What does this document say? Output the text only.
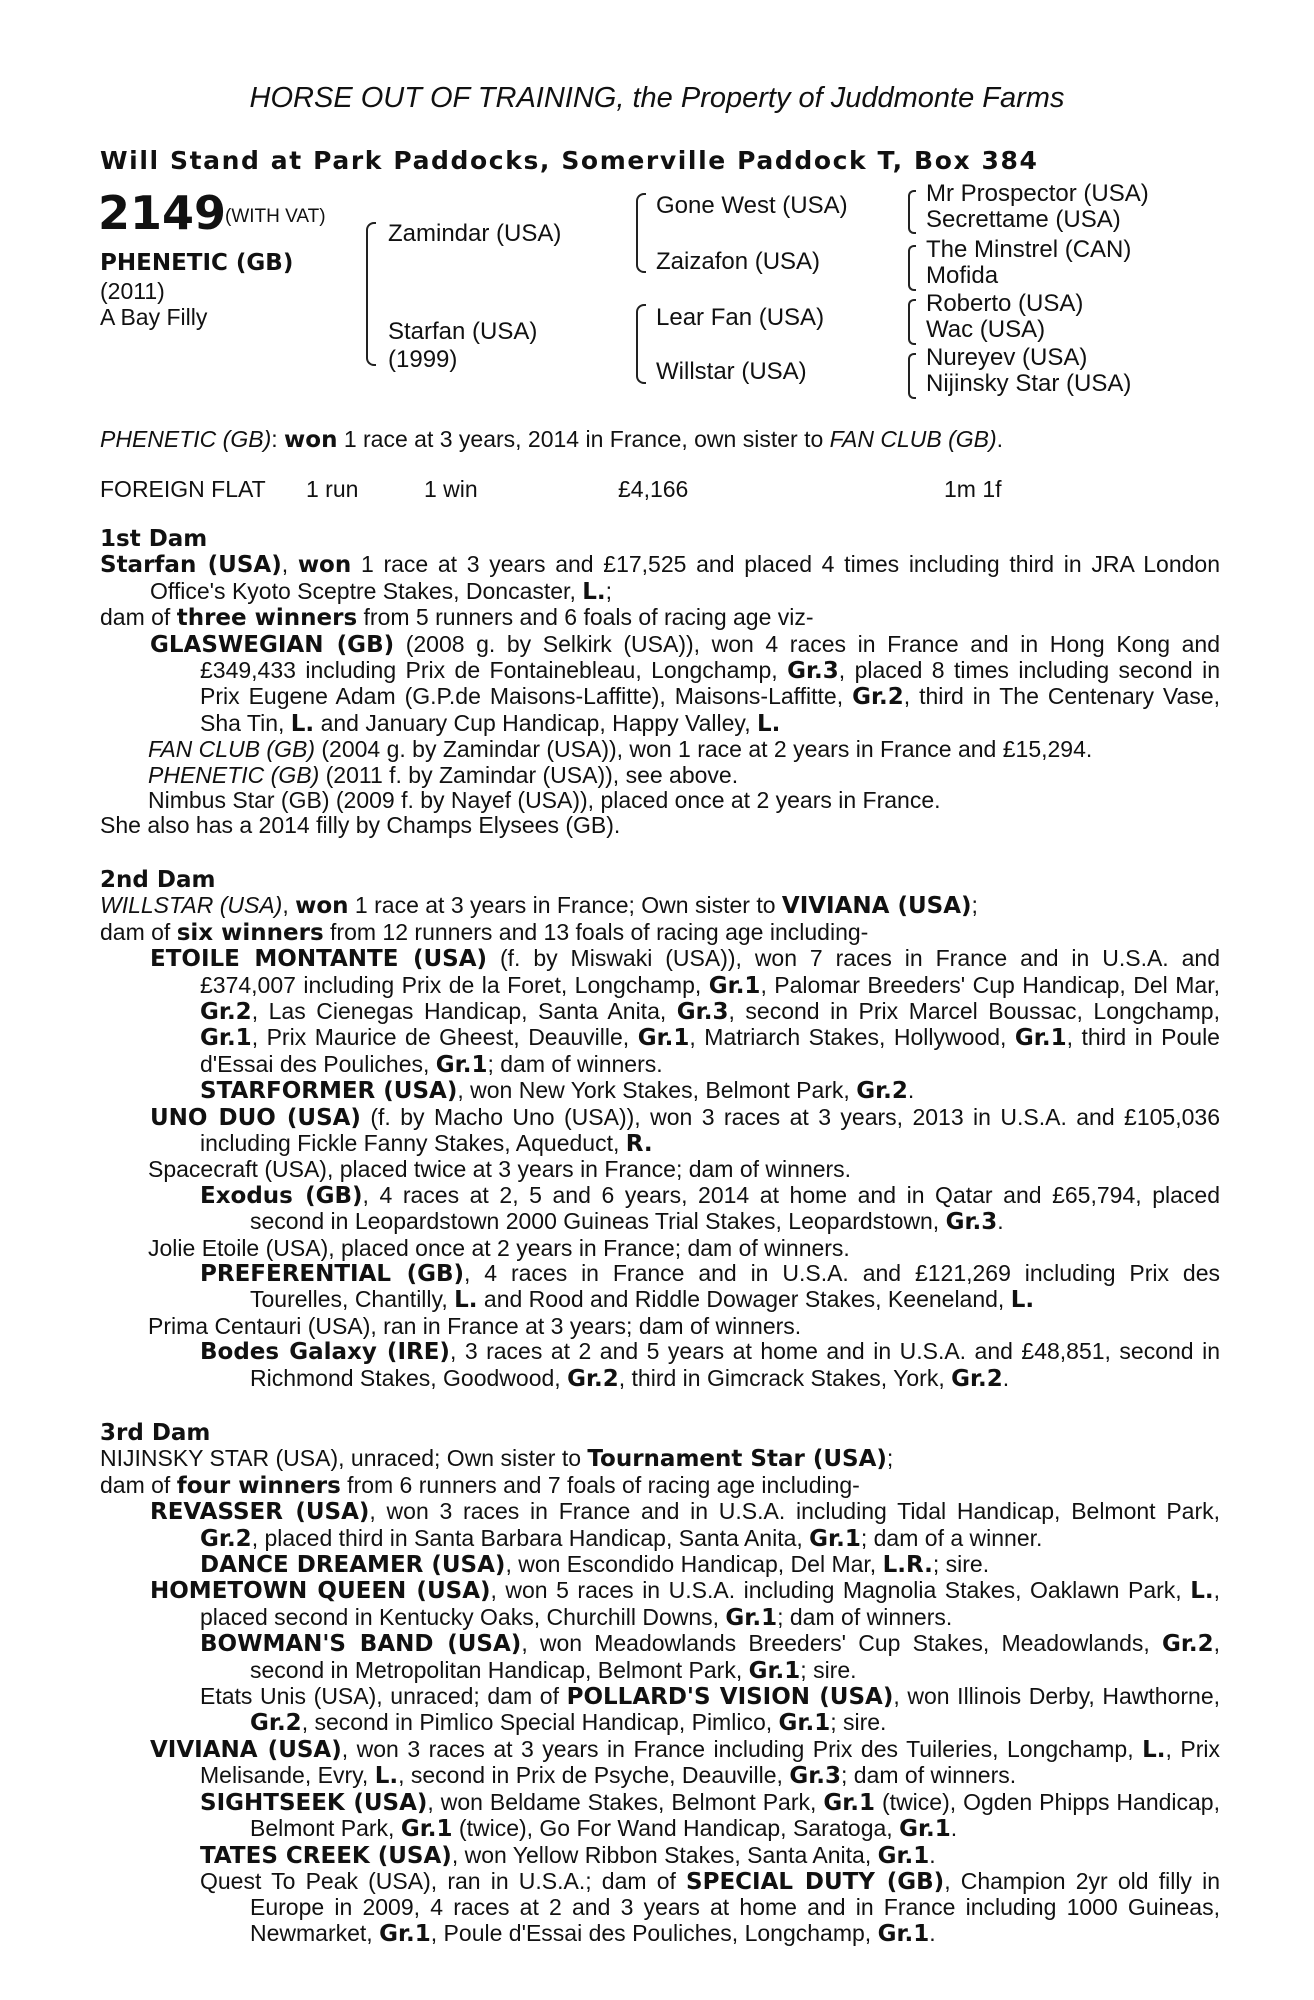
HORSE OUT OF TRAINING, the Property of Juddmonte Farms
Will Stand at Park Paddocks, Somerville Paddock T, Box 384
2149
(WITH VAT)
PHENETIC (GB)
(2011)
A Bay Filly
Zamindar (USA)
Starfan (USA)
(1999)
Gone West (USA)
Zaizafon (USA)
Lear Fan (USA)
Willstar (USA)
Mr Prospector (USA)
Secrettame (USA)
The Minstrel (CAN)
Mofida
Roberto (USA)
Wac (USA)
Nureyev (USA)
Nijinsky Star (USA)
PHENETIC (GB): won 1 race at 3 years, 2014 in France, own sister to FAN CLUB (GB).
FOREIGN FLAT 1 run	1 win	£4,166	1m 1f

1st Dam

Starfan (USA), won 1 race at 3 years and £17,525 and placed 4 times including third in JRA London Office's Kyoto Sceptre Stakes, Doncaster, L.;

dam of three winners from 5 runners and 6 foals of racing age viz-

GLASWEGIAN (GB) (2008 g. by Selkirk (USA)), won 4 races in France and in Hong Kong and £349,433 including Prix de Fontainebleau, Longchamp, Gr.3, placed 8 times including second in Prix Eugene Adam (G.P.de Maisons-Laffitte), Maisons-Laffitte, Gr.2, third in The Centenary Vase, Sha Tin, L. and January Cup Handicap, Happy Valley, L.

FAN CLUB (GB) (2004 g. by Zamindar (USA)), won 1 race at 2 years in France and £15,294.

PHENETIC (GB) (2011 f. by Zamindar (USA)), see above.

Nimbus Star (GB) (2009 f. by Nayef (USA)), placed once at 2 years in France.

She also has a 2014 filly by Champs Elysees (GB).

2nd Dam

WILLSTAR (USA), won 1 race at 3 years in France; Own sister to VIVIANA (USA);

dam of six winners from 12 runners and 13 foals of racing age including-

ETOILE MONTANTE (USA) (f. by Miswaki (USA)), won 7 races in France and in U.S.A. and £374,007 including Prix de la Foret, Longchamp, Gr.1, Palomar Breeders' Cup Handicap, Del Mar, Gr.2, Las Cienegas Handicap, Santa Anita, Gr.3, second in Prix Marcel Boussac, Longchamp, Gr.1, Prix Maurice de Gheest, Deauville, Gr.1, Matriarch Stakes, Hollywood, Gr.1, third in Poule d'Essai des Pouliches, Gr.1; dam of winners.

STARFORMER (USA), won New York Stakes, Belmont Park, Gr.2.

UNO DUO (USA) (f. by Macho Uno (USA)), won 3 races at 3 years, 2013 in U.S.A. and £105,036 including Fickle Fanny Stakes, Aqueduct, R.

Spacecraft (USA), placed twice at 3 years in France; dam of winners.

Exodus (GB), 4 races at 2, 5 and 6 years, 2014 at home and in Qatar and £65,794, placed second in Leopardstown 2000 Guineas Trial Stakes, Leopardstown, Gr.3.

Jolie Etoile (USA), placed once at 2 years in France; dam of winners.

PREFERENTIAL (GB), 4 races in France and in U.S.A. and £121,269 including Prix des Tourelles, Chantilly, L. and Rood and Riddle Dowager Stakes, Keeneland, L.

Prima Centauri (USA), ran in France at 3 years; dam of winners.

Bodes Galaxy (IRE), 3 races at 2 and 5 years at home and in U.S.A. and £48,851, second in Richmond Stakes, Goodwood, Gr.2, third in Gimcrack Stakes, York, Gr.2.

3rd Dam

NIJINSKY STAR (USA), unraced; Own sister to Tournament Star (USA);

dam of four winners from 6 runners and 7 foals of racing age including-

REVASSER (USA), won 3 races in France and in U.S.A. including Tidal Handicap, Belmont Park, Gr.2, placed third in Santa Barbara Handicap, Santa Anita, Gr.1; dam of a winner.

DANCE DREAMER (USA), won Escondido Handicap, Del Mar, L.R.; sire.

HOMETOWN QUEEN (USA), won 5 races in U.S.A. including Magnolia Stakes, Oaklawn Park, L., placed second in Kentucky Oaks, Churchill Downs, Gr.1; dam of winners.

BOWMAN'S BAND (USA), won Meadowlands Breeders' Cup Stakes, Meadowlands, Gr.2, second in Metropolitan Handicap, Belmont Park, Gr.1; sire.

Etats Unis (USA), unraced; dam of POLLARD'S VISION (USA), won Illinois Derby, Hawthorne, Gr.2, second in Pimlico Special Handicap, Pimlico, Gr.1; sire.

VIVIANA (USA), won 3 races at 3 years in France including Prix des Tuileries, Longchamp, L., Prix Melisande, Evry, L., second in Prix de Psyche, Deauville, Gr.3; dam of winners.

SIGHTSEEK (USA), won Beldame Stakes, Belmont Park, Gr.1 (twice), Ogden Phipps Handicap, Belmont Park, Gr.1 (twice), Go For Wand Handicap, Saratoga, Gr.1.

TATES CREEK (USA), won Yellow Ribbon Stakes, Santa Anita, Gr.1.

Quest To Peak (USA), ran in U.S.A.; dam of SPECIAL DUTY (GB), Champion 2yr old filly in Europe in 2009, 4 races at 2 and 3 years at home and in France including 1000 Guineas, Newmarket, Gr.1, Poule d'Essai des Pouliches, Longchamp, Gr.1.
